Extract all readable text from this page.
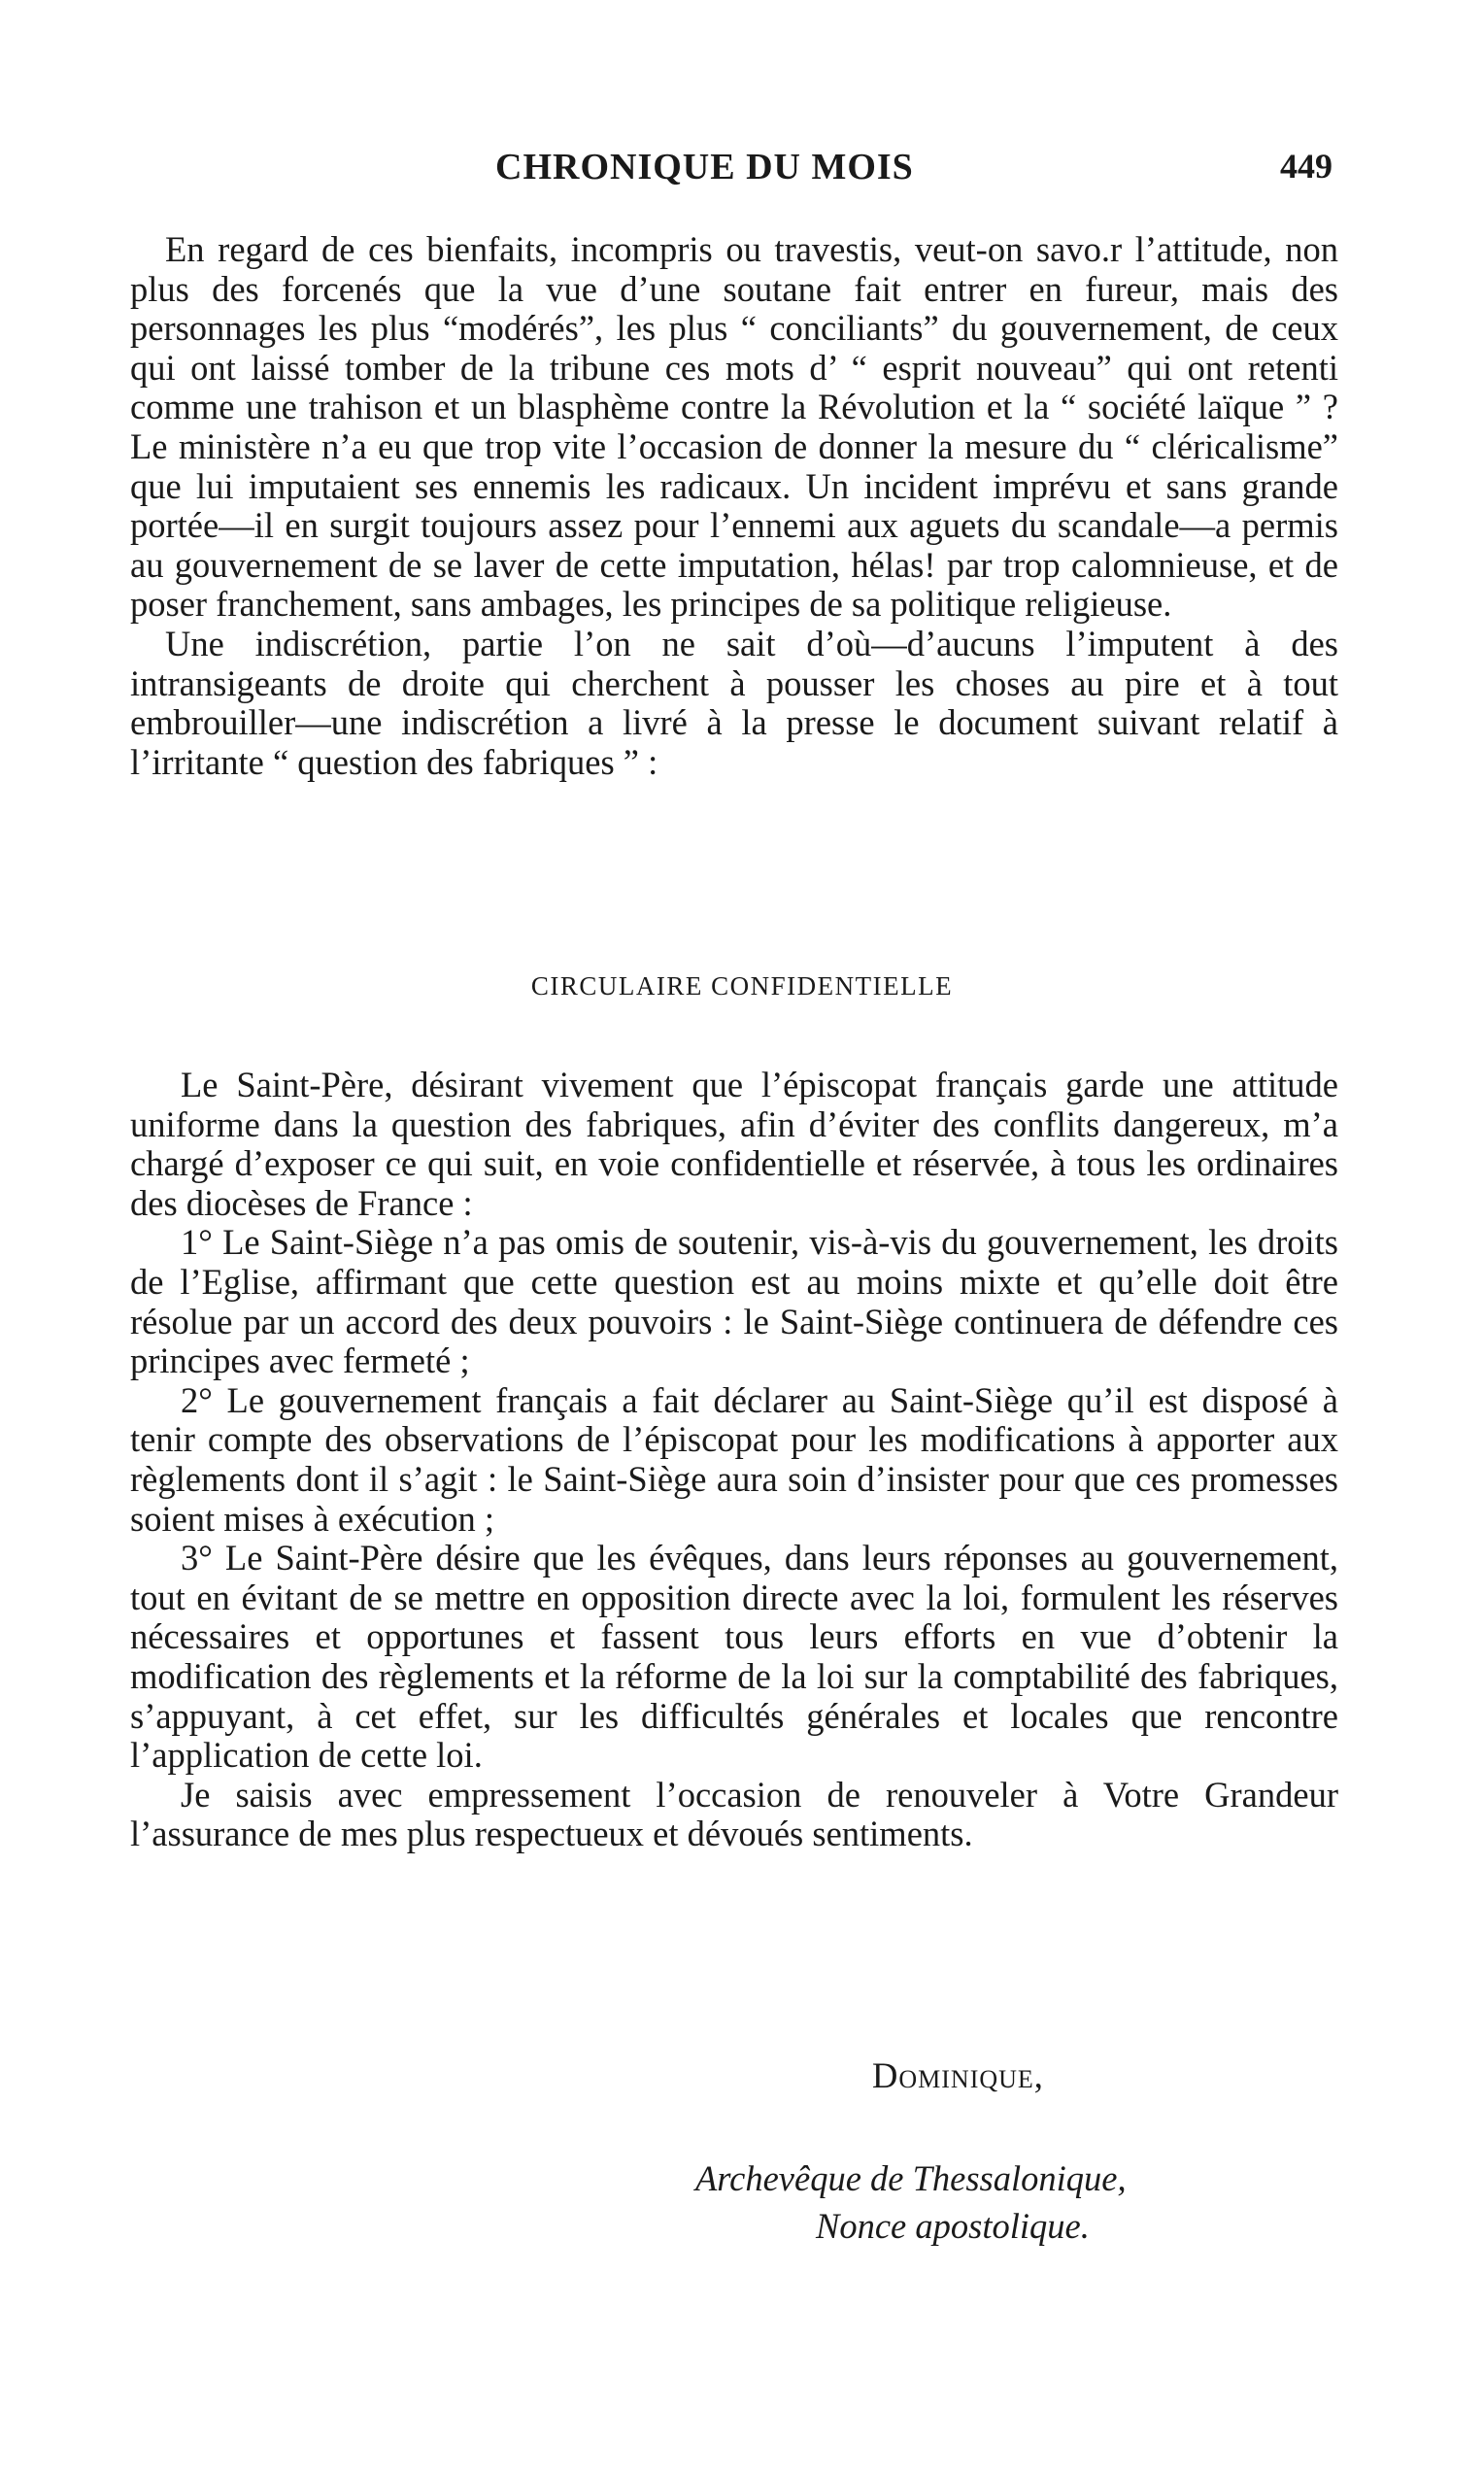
CHRONIQUE DU MOIS	449

En regard de ces bienfaits, incompris ou travestis, veut-on savo.r l’attitude, non plus des forcenés que la vue d’une soutane fait entrer en fureur, mais des personnages les plus “modérés”, les plus “ conciliants” du gouvernement, de ceux qui ont laissé tomber de la tribune ces mots d’ “ esprit nouveau” qui ont retenti comme une trahison et un blasphème contre la Révolution et la “ société laïque ” ? Le ministère n’a eu que trop vite l’occasion de donner la mesure du “ cléricalisme” que lui imputaient ses ennemis les radicaux. Un incident imprévu et sans grande portée—il en surgit toujours assez pour l’ennemi aux aguets du scandale—a permis au gouvernement de se laver de cette imputation, hélas! par trop calomnieuse, et de poser franchement, sans ambages, les principes de sa politique religieuse.

Une indiscrétion, partie l’on ne sait d’où—d’aucuns l’imputent à des intransigeants de droite qui cherchent à pousser les choses au pire et à tout embrouiller—une indiscrétion a livré à la presse le document suivant relatif à l’irritante “ question des fabriques ” :

CIRCULAIRE CONFIDENTIELLE

Le Saint-Père, désirant vivement que l’épiscopat français garde une attitude uniforme dans la question des fabriques, afin d’éviter des conflits dangereux, m’a chargé d’exposer ce qui suit, en voie confidentielle et réservée, à tous les ordinaires des diocèses de France :

1° Le Saint-Siège n’a pas omis de soutenir, vis-à-vis du gouvernement, les droits de l’Eglise, affirmant que cette question est au moins mixte et qu’elle doit être résolue par un accord des deux pouvoirs : le Saint-Siège continuera de défendre ces principes avec fermeté ;

2° Le gouvernement français a fait déclarer au Saint-Siège qu’il est disposé à tenir compte des observations de l’épiscopat pour les modifications à apporter aux règlements dont il s’agit : le Saint-Siège aura soin d’insister pour que ces promesses soient mises à exécution ;

3° Le Saint-Père désire que les évêques, dans leurs réponses au gouvernement, tout en évitant de se mettre en opposition directe avec la loi, formulent les réserves nécessaires et opportunes et fassent tous leurs efforts en vue d’obtenir la modification des règlements et la réforme de la loi sur la comptabilité des fabriques, s’appuyant, à cet effet, sur les difficultés générales et locales que rencontre l’application de cette loi.

Je saisis avec empressement l’occasion de renouveler à Votre Grandeur l’assurance de mes plus respectueux et dévoués sentiments.

Dominique,
Archevêque de Thessalonique,
Nonce apostolique.
